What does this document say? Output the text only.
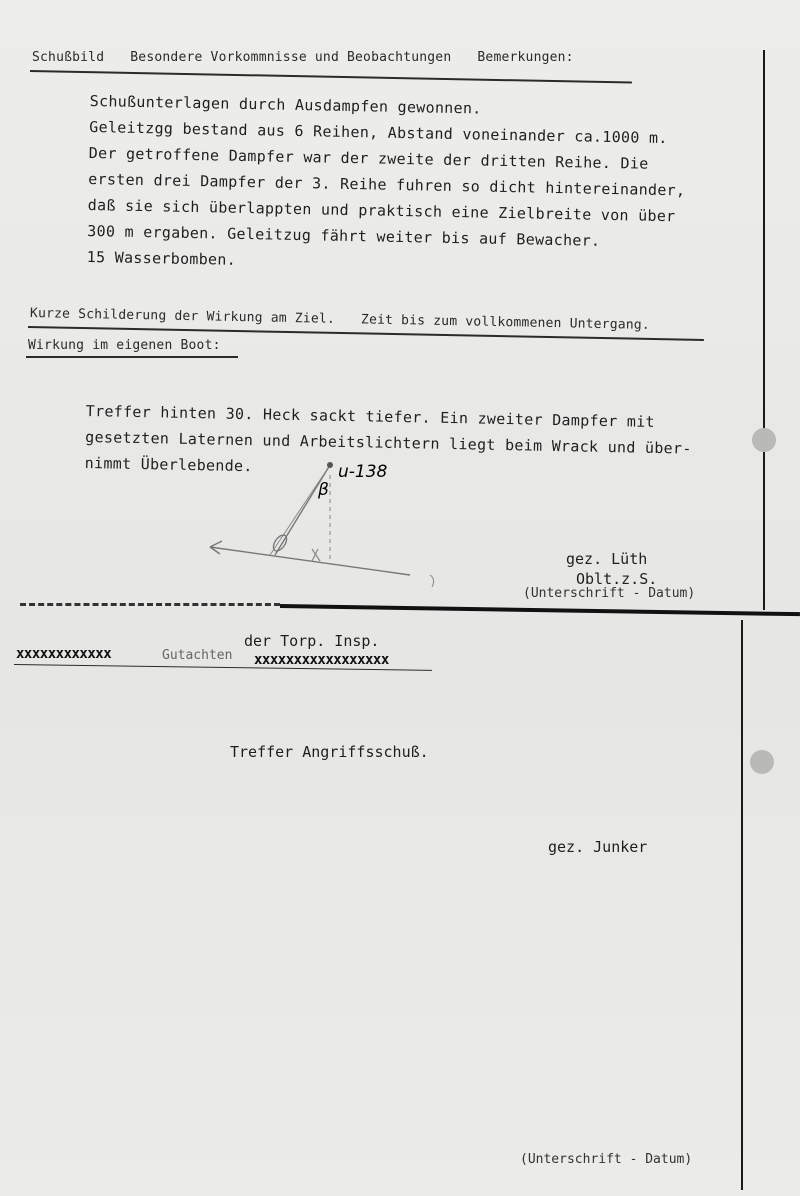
Schußbild Besondere Vorkommnisse und Beobachtungen Bemerkungen:
Schußunterlagen durch Ausdampfen gewonnen.
Geleitzgg bestand aus 6 Reihen, Abstand voneinander ca.1000 m.
Der getroffene Dampfer war der zweite der dritten Reihe. Die
ersten drei Dampfer der 3. Reihe fuhren so dicht hintereinander,
daß sie sich überlappten und praktisch eine Zielbreite von über
300 m ergaben. Geleitzug fährt weiter bis auf Bewacher.
15 Wasserbomben.
Kurze Schilderung der Wirkung am Ziel. Zeit bis zum vollkommenen Untergang.
Wirkung im eigenen Boot:
Treffer hinten 30. Heck sackt tiefer. Ein zweiter Dampfer mit
gesetzten Laternen und Arbeitslichtern liegt beim Wrack und über-
nimmt Überlebende.
β
u-138
gez. Lüth
Oblt.z.S.
(Unterschrift - Datum)
der Torp. Insp.
xxxxxxxxxxxx	Gutachten xxxxxxxxxxxxxxxxx
Treffer Angriffsschuß.
gez. Junker
(Unterschrift - Datum)
